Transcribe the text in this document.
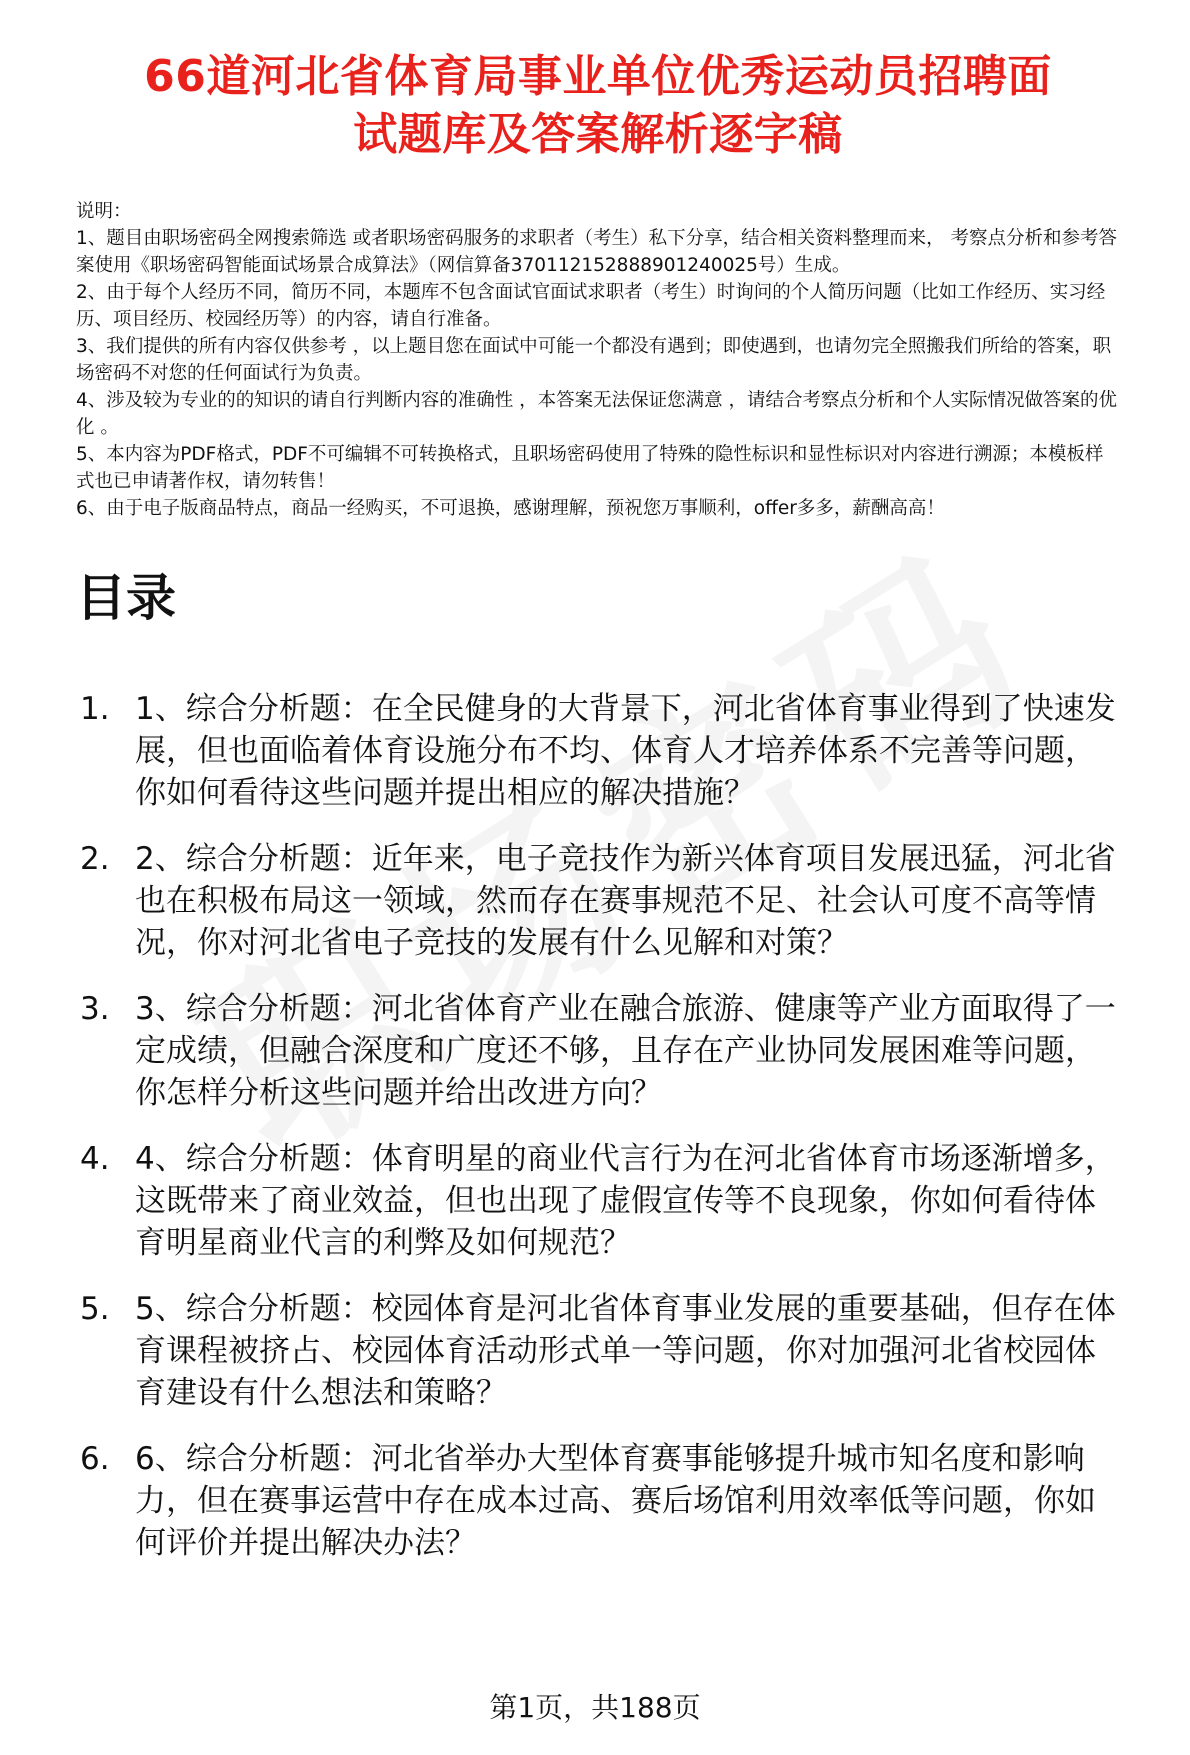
66道河北省体育局事业单位优秀运动员招聘面
试题库及答案解析逐字稿
说明：
1、题目由职场密码全网搜索筛选 或者职场密码服务的求职者（考生）私下分享，结合相关资料整理而来， 考察点分析和参考答案使用《职场密码智能面试场景合成算法》（网信算备370112152888901240025号）生成。
2、由于每个人经历不同，简历不同，本题库不包含面试官面试求职者（考生）时询问的个人简历问题（比如工作经历、实习经历、项目经历、校园经历等）的内容，请自行准备。
3、我们提供的所有内容仅供参考 ，以上题目您在面试中可能一个都没有遇到；即使遇到，也请勿完全照搬我们所给的答案，职场密码不对您的任何面试行为负责。
4、涉及较为专业的的知识的请自行判断内容的准确性 ，本答案无法保证您满意 ，请结合考察点分析和个人实际情况做答案的优化 。
5、本内容为PDF格式，PDF不可编辑不可转换格式，且职场密码使用了特殊的隐性标识和显性标识对内容进行溯源；本模板样式也已申请著作权，请勿转售！
6、由于电子版商品特点，商品一经购买，不可退换，感谢理解，预祝您万事顺利，offer多多，薪酬高高！
目录
1. 1、综合分析题：在全民健身的大背景下，河北省体育事业得到了快速发展，但也面临着体育设施分布不均、体育人才培养体系不完善等问题，你如何看待这些问题并提出相应的解决措施？
2. 2、综合分析题：近年来，电子竞技作为新兴体育项目发展迅猛，河北省也在积极布局这一领域，然而存在赛事规范不足、社会认可度不高等情况，你对河北省电子竞技的发展有什么见解和对策？
3. 3、综合分析题：河北省体育产业在融合旅游、健康等产业方面取得了一定成绩，但融合深度和广度还不够，且存在产业协同发展困难等问题，你怎样分析这些问题并给出改进方向？
4. 4、综合分析题：体育明星的商业代言行为在河北省体育市场逐渐增多，这既带来了商业效益，但也出现了虚假宣传等不良现象，你如何看待体育明星商业代言的利弊及如何规范？
5. 5、综合分析题：校园体育是河北省体育事业发展的重要基础，但存在体育课程被挤占、校园体育活动形式单一等问题，你对加强河北省校园体育建设有什么想法和策略？
6. 6、综合分析题：河北省举办大型体育赛事能够提升城市知名度和影响力，但在赛事运营中存在成本过高、赛后场馆利用效率低等问题，你如何评价并提出解决办法？
第1页，共188页
